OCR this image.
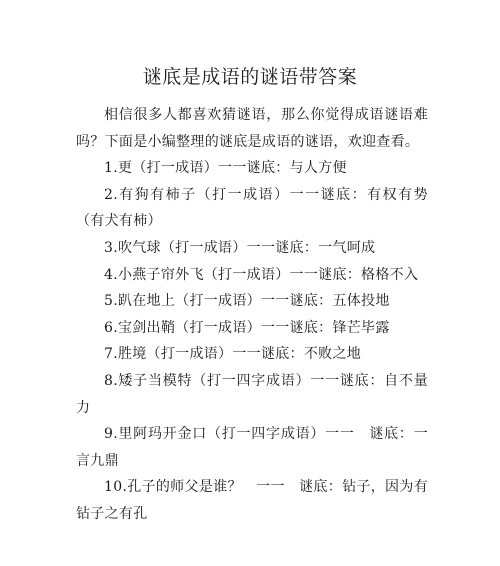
谜底是成语的谜语带答案

相信很多人都喜欢猜谜语，那么你觉得成语谜语难吗？下面是小编整理的谜底是成语的谜语，欢迎查看。

1.更（打一成语）一一谜底：与人方便

2.有狗有柿子（打一成语）一一谜底：有权有势（有犬有柿）

3.吹气球（打一成语）一一谜底：一气呵成

4.小燕子帘外飞（打一成语）一一谜底：格格不入

5.趴在地上（打一成语）一一谜底：五体投地

6.宝剑出鞘（打一成语）一一谜底：锋芒毕露

7.胜境（打一成语）一一谜底：不败之地

8.矮子当模特（打一四字成语）一一谜底：自不量力

9.里阿玛开金口（打一四字成语）一一　谜底：一言九鼎

10.孔子的师父是谁？　一一　谜底：钻子，因为有钻子之有孔
